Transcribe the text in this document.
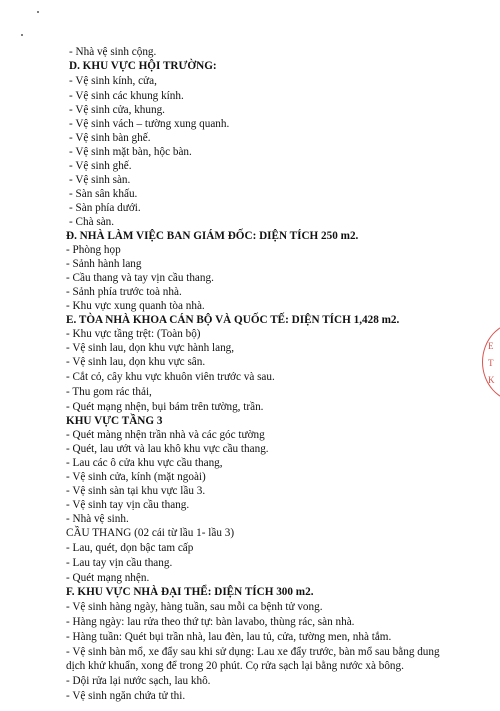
- Nhà vệ sinh cộng.
D. KHU VỰC HỘI TRƯỜNG:
- Vệ sinh kính, cửa,
- Vệ sinh các khung kính.
- Vệ sinh cửa, khung.
- Vệ sinh vách – tường xung quanh.
- Vệ sinh bàn ghế.
- Vệ sinh mặt bàn, hộc bàn.
- Vệ sinh ghế.
- Vệ sinh sàn.
- Sàn sân khấu.
- Sàn phía dưới.
- Chà sàn.
Đ. NHÀ LÀM VIỆC BAN GIÁM ĐỐC: DIỆN TÍCH 250 m2.
- Phòng họp
- Sảnh hành lang
- Cầu thang và tay vịn cầu thang.
- Sảnh phía trước toà nhà.
- Khu vực xung quanh tòa nhà.
E. TÒA NHÀ KHOA CÁN BỘ VÀ QUỐC TẾ: DIỆN TÍCH 1,428 m2.
- Khu vực tầng trệt: (Toàn bộ)
- Vệ sinh lau, dọn khu vực hành lang,
- Vệ sinh lau, dọn khu vực sân.
- Cắt cỏ, cây khu vực khuôn viên trước và sau.
- Thu gom rác thải,
- Quét mạng nhện, bụi bám trên tường, trần.
KHU VỰC TẦNG 3
- Quét màng nhện trần nhà và các góc tường
- Quét, lau ướt và lau khô khu vực cầu thang.
- Lau các ô cửa khu vực cầu thang,
- Vệ sinh cửa, kính (mặt ngoài)
- Vệ sinh sàn tại khu vực lầu 3.
- Vệ sinh tay vịn cầu thang.
- Nhà vệ sinh.
CẦU THANG (02 cái từ lầu 1- lầu 3)
- Lau, quét, dọn bậc tam cấp
- Lau tay vịn cầu thang.
- Quét mạng nhện.
F. KHU VỰC NHÀ ĐẠI THỂ: DIỆN TÍCH 300 m2.
- Vệ sinh hàng ngày, hàng tuần, sau mỗi ca bệnh tử vong.
- Hàng ngày: lau rửa theo thứ tự: bàn lavabo, thùng rác, sàn nhà.
- Hàng tuần: Quét bụi trần nhà, lau đèn, lau tủ, cửa, tường men, nhà tắm.
- Vệ sinh bàn mổ, xe đẩy sau khi sử dụng: Lau xe đẩy trước, bàn mổ sau bằng dung
dịch khử khuẩn, xong để trong 20 phút. Cọ rửa sạch lại bằng nước xà bông.
- Dội rửa lại nước sạch, lau khô.
- Vệ sinh ngăn chứa tử thi.
E
T
K
